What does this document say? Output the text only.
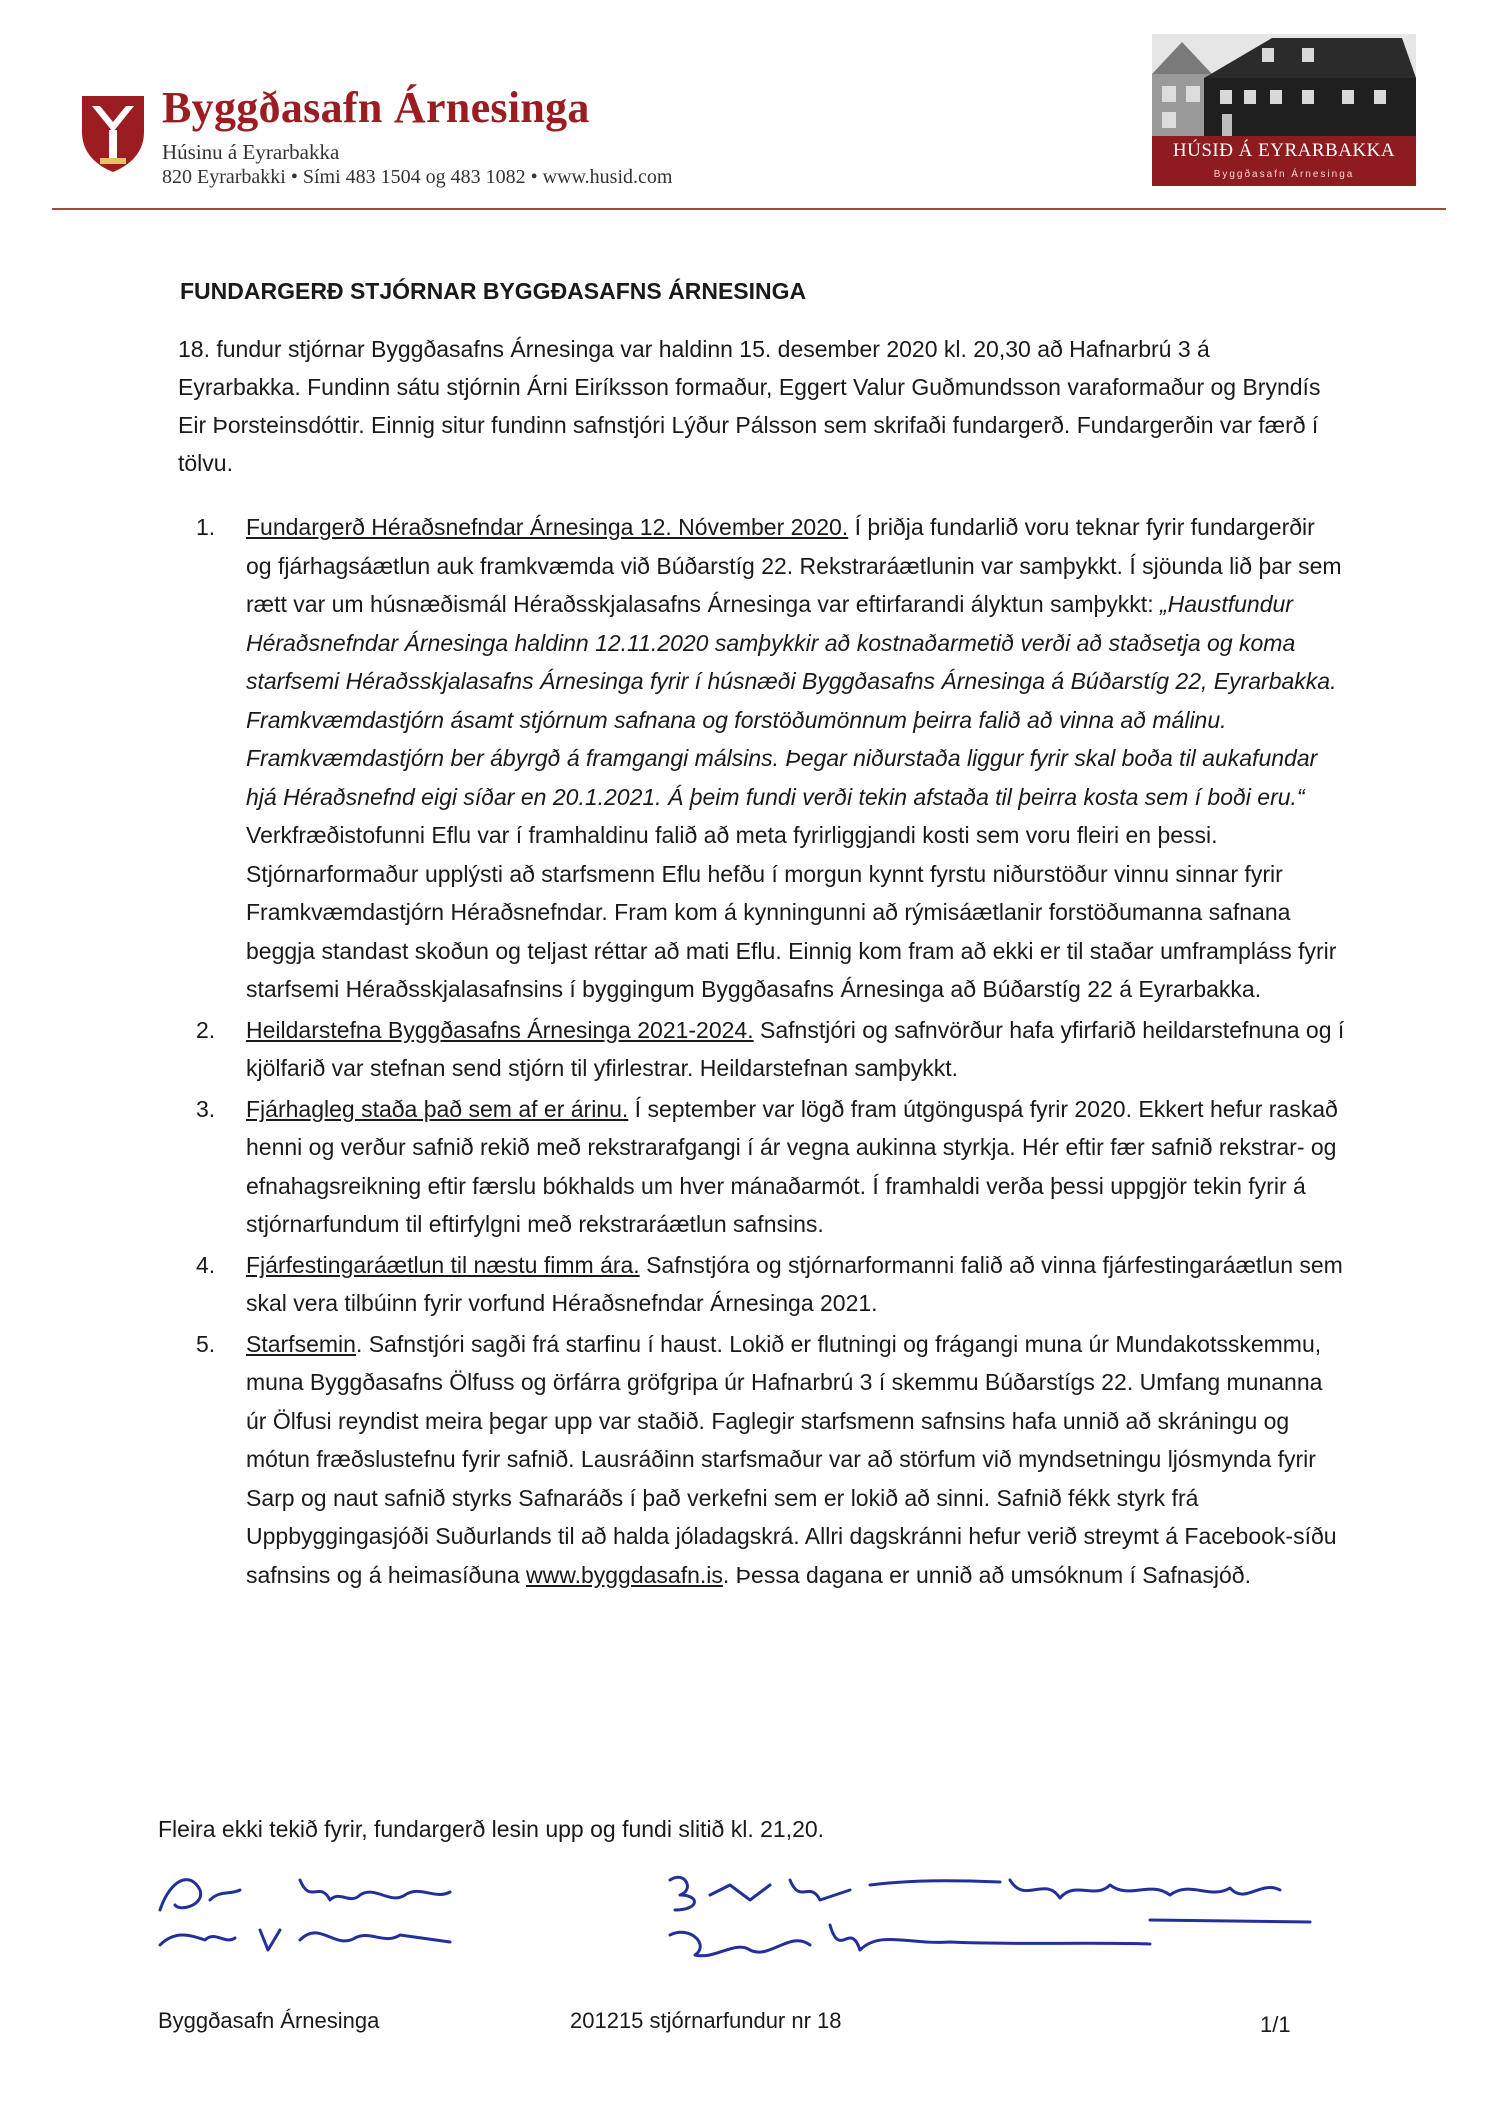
Byggðasafn Árnesinga
Húsinu á Eyrarbakka
820 Eyrarbakki • Sími 483 1504 og 483 1082 • www.husid.com
HÚSIÐ Á EYRARBAKKA
Byggðasafn Árnesinga
FUNDARGERÐ STJÓRNAR BYGGÐASAFNS ÁRNESINGA
18. fundur stjórnar Byggðasafns Árnesinga var haldinn 15. desember 2020 kl. 20,30 að Hafnarbrú 3 á Eyrarbakka. Fundinn sátu stjórnin Árni Eiríksson formaður, Eggert Valur Guðmundsson varaformaður og Bryndís Eir Þorsteinsdóttir. Einnig situr fundinn safnstjóri Lýður Pálsson sem skrifaði fundargerð. Fundargerðin var færð í tölvu.
1. Fundargerð Héraðsnefndar Árnesinga 12. Nóvember 2020. Í þriðja fundarlið voru teknar fyrir fundargerðir og fjárhagsáætlun auk framkvæmda við Búðarstíg 22. Rekstraráætlunin var samþykkt. Í sjöunda lið þar sem rætt var um húsnæðismál Héraðsskjalasafns Árnesinga var eftirfarandi ályktun samþykkt: „Haustfundur Héraðsnefndar Árnesinga haldinn 12.11.2020 samþykkir að kostnaðarmetið verði að staðsetja og koma starfsemi Héraðsskjalasafns Árnesinga fyrir í húsnæði Byggðasafns Árnesinga á Búðarstíg 22, Eyrarbakka. Framkvæmdastjórn ásamt stjórnum safnana og forstöðumönnum þeirra falið að vinna að málinu. Framkvæmdastjórn ber ábyrgð á framgangi málsins. Þegar niðurstaða liggur fyrir skal boða til aukafundar hjá Héraðsnefnd eigi síðar en 20.1.2021. Á þeim fundi verði tekin afstaða til þeirra kosta sem í boði eru.“ Verkfræðistofunni Eflu var í framhaldinu falið að meta fyrirliggjandi kosti sem voru fleiri en þessi. Stjórnarformaður upplýsti að starfsmenn Eflu hefðu í morgun kynnt fyrstu niðurstöður vinnu sinnar fyrir Framkvæmdastjórn Héraðsnefndar. Fram kom á kynningunni að rýmisáætlanir forstöðumanna safnana beggja standast skoðun og teljast réttar að mati Eflu. Einnig kom fram að ekki er til staðar umframpláss fyrir starfsemi Héraðsskjalasafnsins í byggingum Byggðasafns Árnesinga að Búðarstíg 22 á Eyrarbakka.
2. Heildarstefna Byggðasafns Árnesinga 2021-2024. Safnstjóri og safnvörður hafa yfirfarið heildarstefnuna og í kjölfarið var stefnan send stjórn til yfirlestrar. Heildarstefnan samþykkt.
3. Fjárhagleg staða það sem af er árinu. Í september var lögð fram útgönguspá fyrir 2020. Ekkert hefur raskað henni og verður safnið rekið með rekstrarafgangi í ár vegna aukinna styrkja. Hér eftir fær safnið rekstrar- og efnahagsreikning eftir færslu bókhalds um hver mánaðarmót. Í framhaldi verða þessi uppgjör tekin fyrir á stjórnarfundum til eftirfylgni með rekstraráætlun safnsins.
4. Fjárfestingaráætlun til næstu fimm ára. Safnstjóra og stjórnarformanni falið að vinna fjárfestingaráætlun sem skal vera tilbúinn fyrir vorfund Héraðsnefndar Árnesinga 2021.
5. Starfsemin. Safnstjóri sagði frá starfinu í haust. Lokið er flutningi og frágangi muna úr Mundakotsskemmu, muna Byggðasafns Ölfuss og örfárra gröfgripa úr Hafnarbrú 3 í skemmu Búðarstígs 22. Umfang munanna úr Ölfusi reyndist meira þegar upp var staðið. Faglegir starfsmenn safnsins hafa unnið að skráningu og mótun fræðslustefnu fyrir safnið. Lausráðinn starfsmaður var að störfum við myndsetningu ljósmynda fyrir Sarp og naut safnið styrks Safnaráðs í það verkefni sem er lokið að sinni. Safnið fékk styrk frá Uppbyggingasjóði Suðurlands til að halda jóladagskrá. Allri dagskránni hefur verið streymt á Facebook-síðu safnsins og á heimasíðuna www.byggdasafn.is. Þessa dagana er unnið að umsóknum í Safnasjóð.
Fleira ekki tekið fyrir, fundargerð lesin upp og fundi slitið kl. 21,20.
Byggðasafn Árnesinga	201215 stjórnarfundur nr 18	1/1
